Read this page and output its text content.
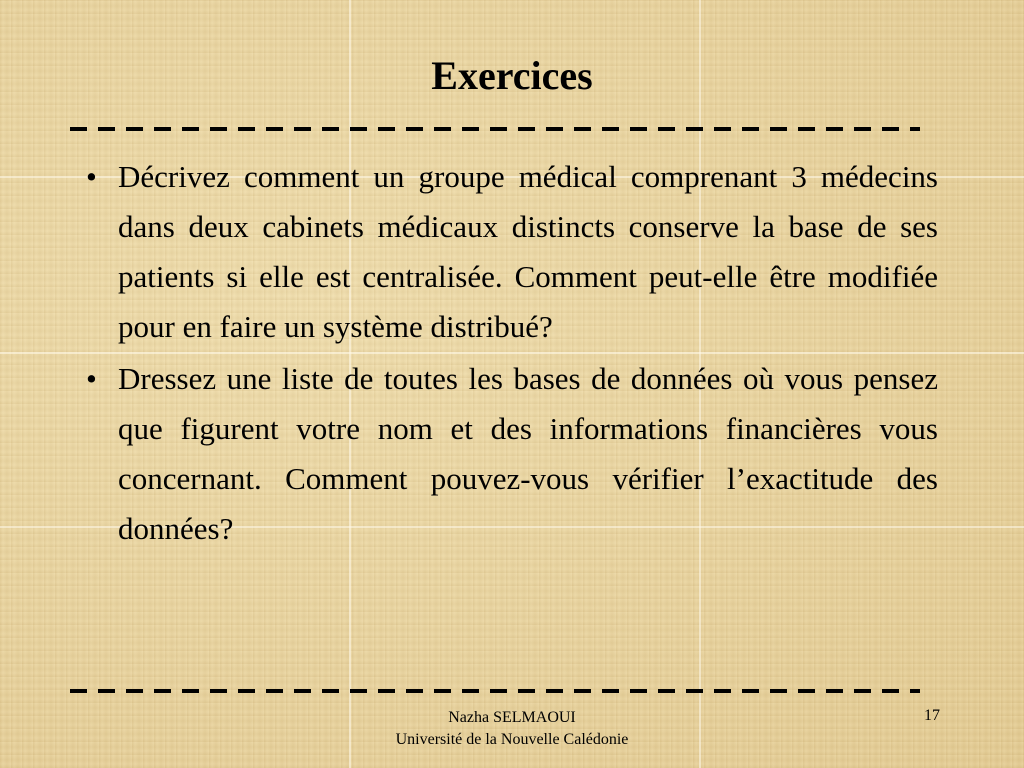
Exercices
• Décrivez comment un groupe médical comprenant 3 médecins dans deux cabinets médicaux distincts conserve la base de ses patients si elle est centralisée. Comment peut-elle être modifiée pour en faire un système distribué?
• Dressez une liste de toutes les bases de données où vous pensez que figurent votre nom et des informations financières vous concernant. Comment pouvez-vous vérifier l’exactitude des données?
Nazha SELMAOUI
Université de la Nouvelle Calédonie
17
